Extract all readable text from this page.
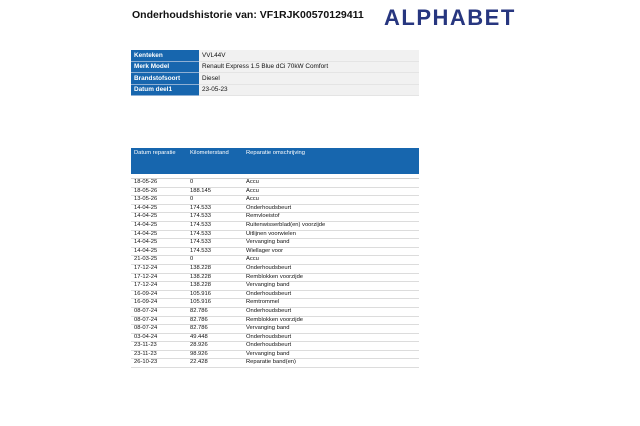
Onderhoudshistorie van: VF1RJK00570129411 ALPHABET
Kenteken	VVL44V
Merk Model	Renault Express 1.5 Blue dCi 70kW Comfort
Brandstofsoort	Diesel
Datum deel1	23-05-23
Datum reparatie	Kilometerstand	Reparatie omschrijving

18-05-26	0	Accu
18-05-26	188.145	Accu
13-05-26	0	Accu
14-04-25	174.533	Onderhoudsbeurt
14-04-25	174.533	Remvloeistof
14-04-25	174.533	Ruitenwisserblad(en) voorzijde
14-04-25	174.533	Uitlijnen voorwielen
14-04-25	174.533	Vervanging band
14-04-25	174.533	Wiellager voor
21-03-25	0	Accu
17-12-24	138.228	Onderhoudsbeurt
17-12-24	138.228	Remblokken voorzijde
17-12-24	138.228	Vervanging band
16-09-24	105.916	Onderhoudsbeurt
16-09-24	105.916	Remtrommel
08-07-24	82.786	Onderhoudsbeurt
08-07-24	82.786	Remblokken voorzijde
08-07-24	82.786	Vervanging band
03-04-24	49.448	Onderhoudsbeurt
23-11-23	28.926	Onderhoudsbeurt
23-11-23	98.926	Vervanging band
26-10-23	22.428	Reparatie band(en)
